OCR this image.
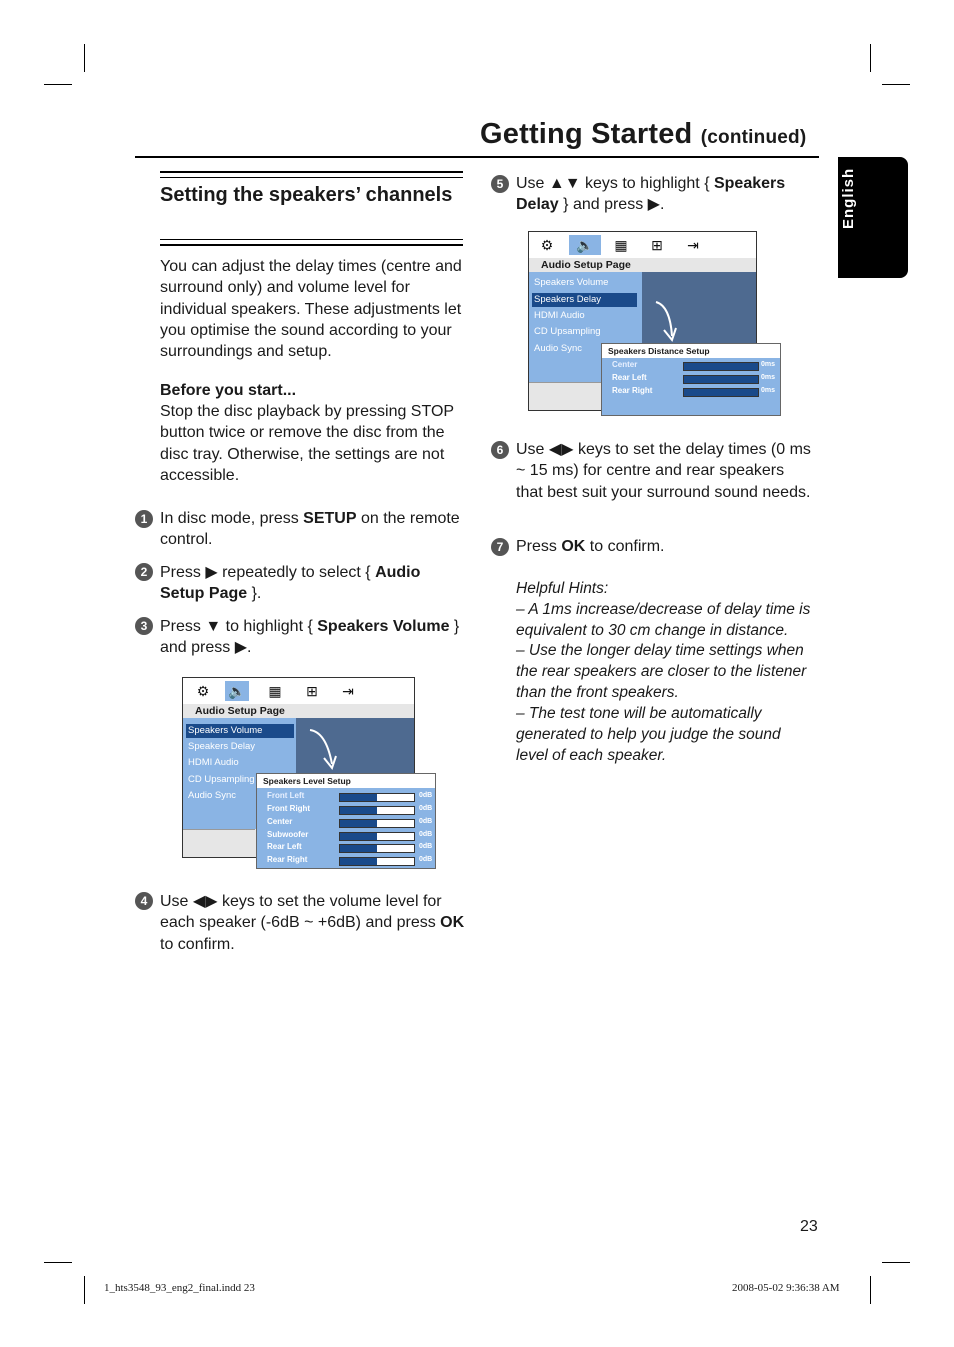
Getting Started (continued)
English
Setting the speakers’ channels
You can adjust the delay times (centre and surround only) and volume level for individual speakers. These adjustments let you optimise the sound according to your surroundings and setup.
Before you start...
Stop the disc playback by pressing STOP button twice or remove the disc from the disc tray. Otherwise, the settings are not accessible.
1 In disc mode, press SETUP on the remote control.
2 Press ▶ repeatedly to select { Audio Setup Page }.
3 Press ▼ to highlight { Speakers Volume } and press ▶.
⚙	🔈	▦	⊞	⇥
Audio Setup Page
Speakers Volume
Speakers Delay
HDMI Audio
CD Upsampling
Audio Sync
Speakers Level Setup
Front Left	0dB
Front Right	0dB
Center	0dB
Subwoofer	0dB
Rear Left	0dB
Rear Right	0dB
4 Use ◀▶ keys to set the volume level for each speaker (-6dB ~ +6dB) and press OK to confirm.
5 Use ▲▼ keys to highlight { Speakers Delay } and press ▶.
⚙	🔈	▦	⊞	⇥
Audio Setup Page
Speakers Volume
Speakers Delay
HDMI Audio
CD Upsampling
Audio Sync	Speakers Distance Setup
Center	0ms
Rear Left	0ms
Rear Right	0ms
6 Use ◀▶ keys to set the delay times (0 ms ~ 15 ms) for centre and rear speakers that best suit your surround sound needs.
7 Press OK to confirm.
Helpful Hints:
– A 1ms increase/decrease of delay time is equivalent to 30 cm change in distance.
– Use the longer delay time settings when the rear speakers are closer to the listener than the front speakers.
– The test tone will be automatically generated to help you judge the sound level of each speaker.
23
1_hts3548_93_eng2_final.indd 23	2008-05-02 9:36:38 AM
